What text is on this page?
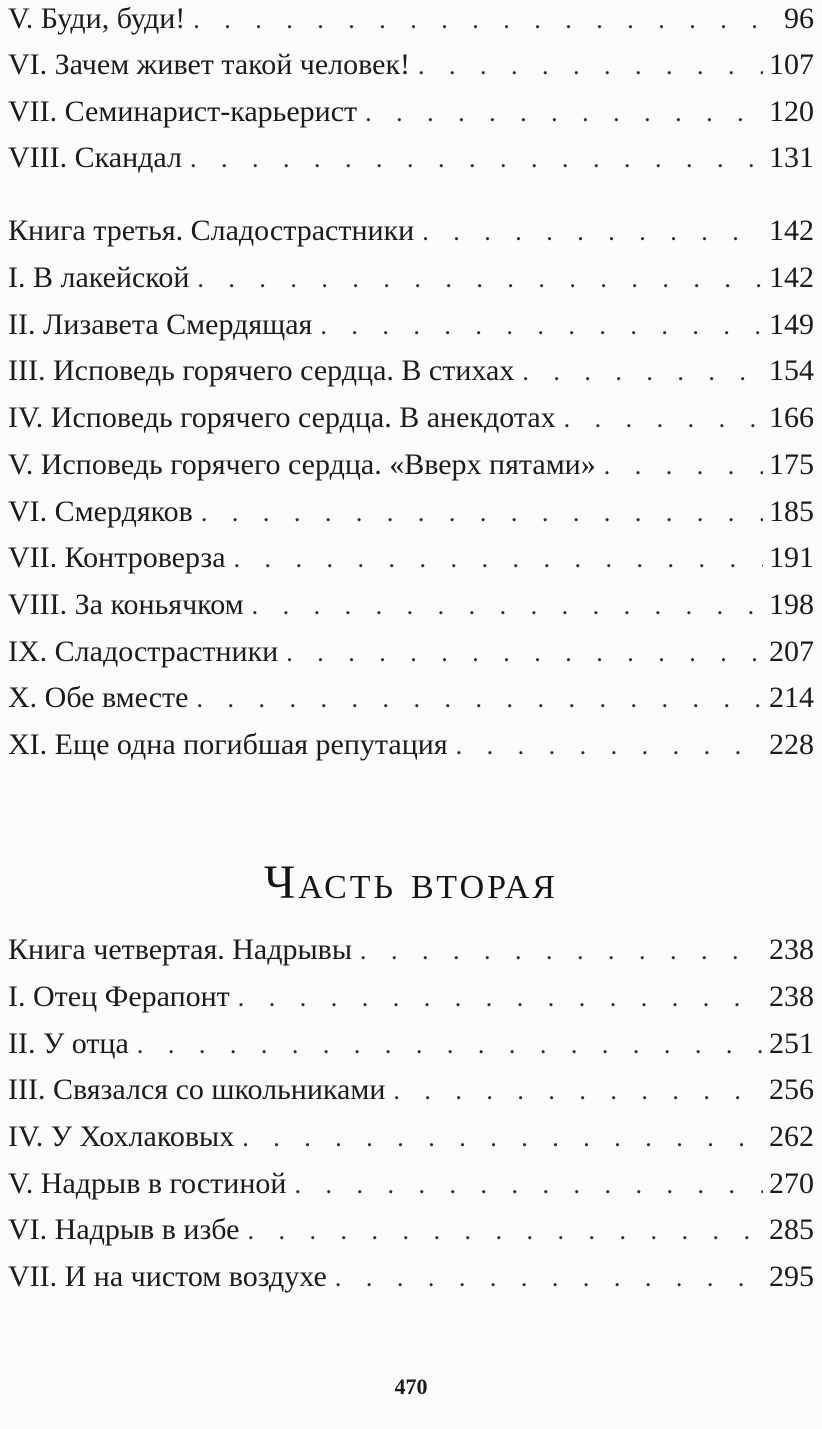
V. Буди, буди! . . .	96
VI. Зачем живет такой человек! . . .	107
VII. Семинарист-карьерист . . .	120
VIII. Скандал . . .	131
Книга третья. Сладострастники . . .	142
I. В лакейской . . .	142
II. Лизавета Смердящая . . .	149
III. Исповедь горячего сердца. В стихах . . .	154
IV. Исповедь горячего сердца. В анекдотах . . .	166
V. Исповедь горячего сердца. «Вверх пятами» . . .	175
VI. Смердяков . . .	185
VII. Контроверза . . .	191
VIII. За коньячком . . .	198
IX. Сладострастники . . .	207
X. Обе вместе . . .	214
XI. Еще одна погибшая репутация . . .	228
Часть вторая
Книга четвертая. Надрывы . . .	238
I. Отец Ферапонт . . .	238
II. У отца . . .	251
III. Связался со школьниками . . .	256
IV. У Хохлаковых . . .	262
V. Надрыв в гостиной . . .	270
VI. Надрыв в избе . . .	285
VII. И на чистом воздухе . . .	295
470
